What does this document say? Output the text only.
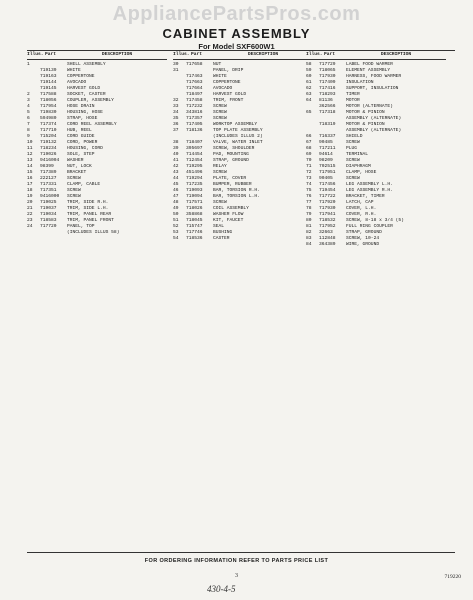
AppliancePartsPros.com
CABINET ASSEMBLY
For Model SXF600W1
Illus. Part	DESCRIPTION
1	SHELL ASSEMBLY
719139	WHITE
719163	COPPERTONE
719144	AVOCADO
719145	HARVEST GOLD
2	717588	SOCKET, CASTER
3	718056	COUPLER, ASSEMBLY
4	717954	HOSE DRAIN
5	719830	HOUSING, HOSE
6	594980	STRAP, HOSE
7	717374	CORD REEL ASSEMBLY
8	717710	HUB, REEL
9	715204	CORD GUIDE
10	719132	CORD, POWER
11	718234	HOUSING, CORD
12	719026	SOLE, STEP
13	9416004	WASHER
14	98399	NUT, LOCK
15	717389	BRACKET
16	222127	SCREW
17	717331	CLAMP, CABLE
18	717351	SCREW
19	9416000	SCREW
20	719025	TRIM, SIDE R.H.
21	719037	TRIM, SIDE L.H.
22	719034	TRIM, PANEL REAR
23	718583	TRIM, PANEL FRONT
24	717720	PANEL, TOP
(INCLUDES ILLUS 58)
Illus. Part	DESCRIPTION
30	717658	NUT
31	PANEL, DRIP
717463	WHITE
717663	COPPERTONE
717664	AVOCADO
718497	HARVEST GOLD
32	717458	TRIM, FRONT
33	717232	SCREW
34	343816	SCREW
35	717357	SCREW
36	717405	WORKTOP ASSEMBLY
37	718136	TOP PLATE ASSEMBLY
(INCLUDES ILLUS 2)
38	718407	VALVE, WATER INLET
39	395697	SCREW, SHOULDER
40	714454	PAD, MOUNTING
41	712454	STRAP, GROUND
42	719295	RELAY
43	451496	SCREW
44	719294	PLATE, COVER
45	717235	BUMPER, RUBBER
46	719093	BAR, TORSION R.H.
47	719094	BAR, TORSION L.H.
48	717571	SCREW
49	718026	COIL ASSEMBLY
50	358868	WASHER FLOW
51	718045	KIT, FAUCET
52	715747	SEAL
53	717746	BUSHING
54	718536	CASTER
Illus. Part	DESCRIPTION
58	717729	LABEL FOOD WARMER
59	718065	ELEMENT ASSEMBLY
60	717930	HARNESS, FOOD WARMER
61	717409	INSULATION
62	717416	SUPPORT, INSULATION
63	718293	TIMER
64	81136	MOTOR
362566	MOTOR (ALTERNATE)
65	717318	MOTOR & PINION
ASSEMBLY (ALTERNATE)
718319	MOTOR & PINION
ASSEMBLY (ALTERNATE)
66	716337	SHIELD
67	90485	SCREW
68	717211	PLUG
69	94614	TERMINAL
70	98209	SCREW
71	702515	DIAPHRAGM
72	717951	CLAMP, HOSE
73	90405	SCREW
74	717456	LEG ASSEMBLY L.H.
75	719454	LEG ASSEMBLY R.H.
76	717722	BRACKET, TIMER
77	717920	LATCH, CAP
78	717930	COVER, L.H.
79	717941	COVER, R.H.
80	718532	SCREW, 8-18 x 3/4 (5)
81	717952	FULL RING COUPLER
82	32663	STRAP, GROUND
83	112848	SCREW, 10-24
84	364389	WIRE, GROUND
FOR ORDERING INFORMATION REFER TO PARTS PRICE LIST
3	719220
430-4-5
